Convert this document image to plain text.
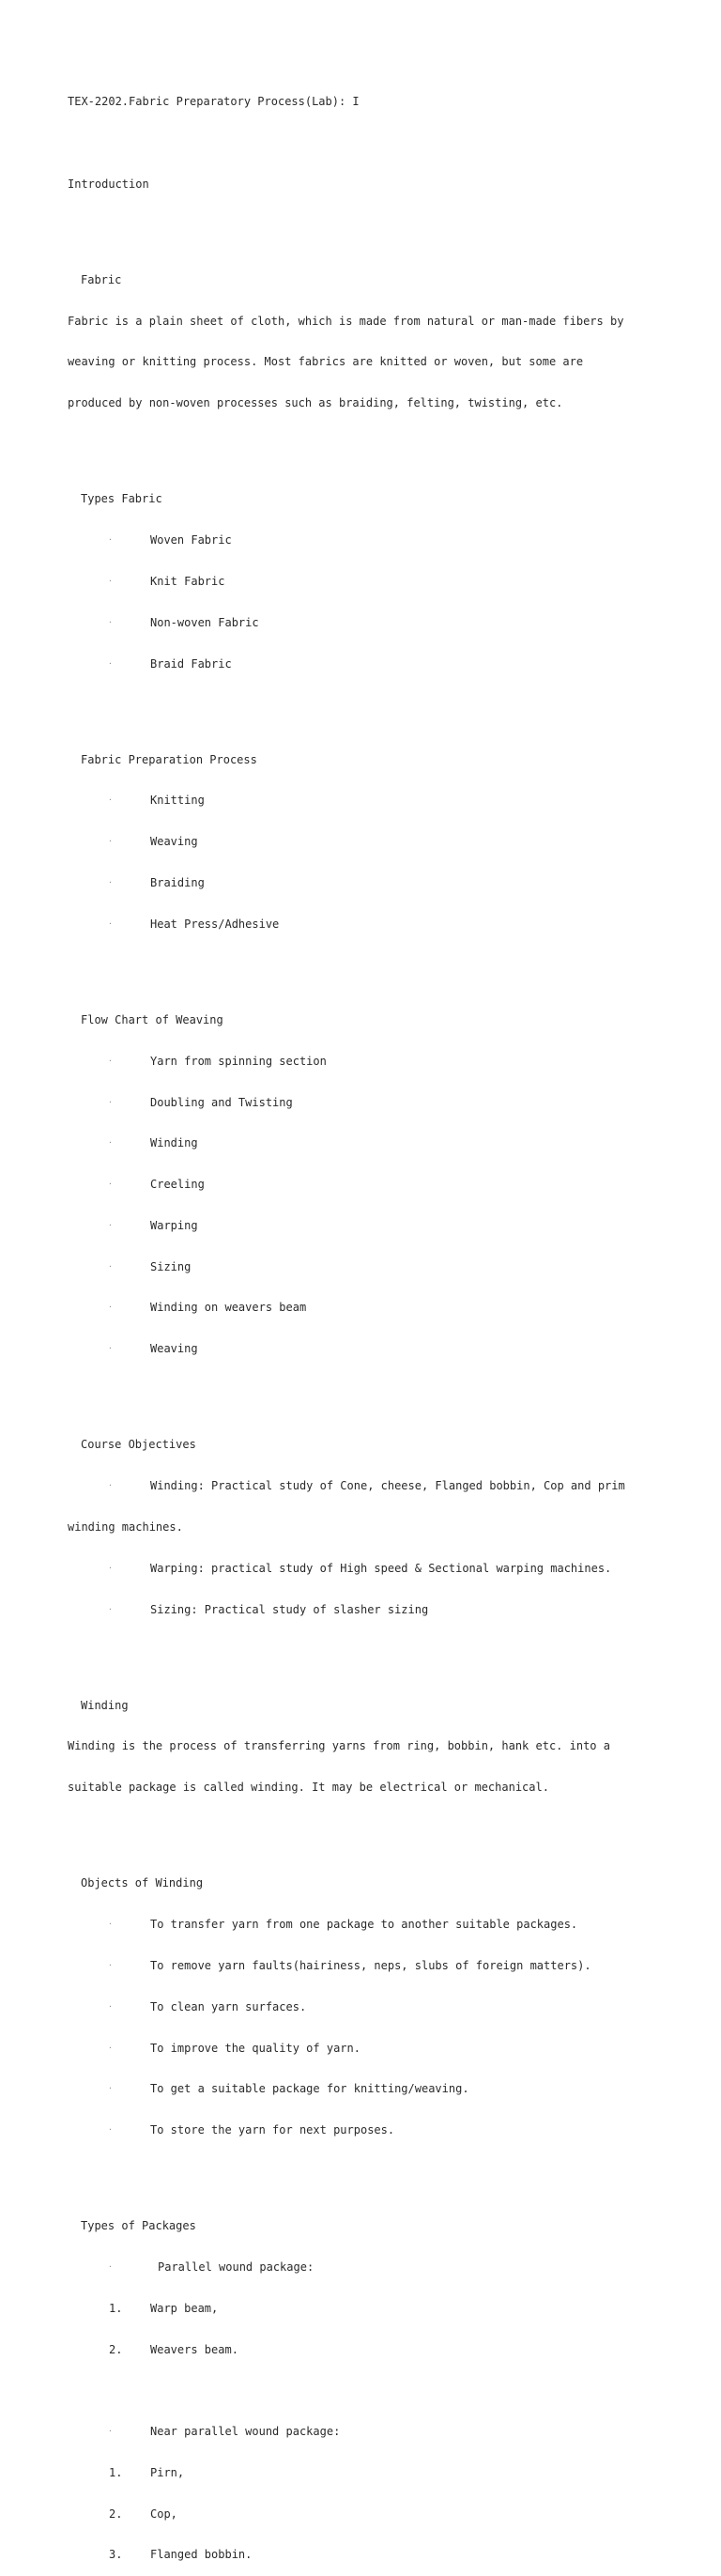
TEX-2202.Fabric Preparatory Process(Lab): I

Introduction

Fabric

Fabric is a plain sheet of cloth, which is made from natural or man-made fibers by

weaving or knitting process. Most fabrics are knitted or woven, but some are

produced by non-woven processes such as braiding, felting, twisting, etc.

Types Fabric

·	Woven Fabric

·	Knit Fabric

·	Non-woven Fabric

·	Braid Fabric

Fabric Preparation Process

·	Knitting

·	Weaving

·	Braiding

·	Heat Press/Adhesive

Flow Chart of Weaving

·	Yarn from spinning section

·	Doubling and Twisting

·	Winding

·	Creeling

·	Warping

·	Sizing

·	Winding on weavers beam

·	Weaving

Course Objectives

·	Winding: Practical study of Cone, cheese, Flanged bobbin, Cop and prim

winding machines.

·	Warping: practical study of High speed & Sectional warping machines.

·	Sizing: Practical study of slasher sizing

Winding

Winding is the process of transferring yarns from ring, bobbin, hank etc. into a

suitable package is called winding. It may be electrical or mechanical.

Objects of Winding

·	To transfer yarn from one package to another suitable packages.

·	To remove yarn faults(hairiness, neps, slubs of foreign matters).

·	To clean yarn surfaces.

·	To improve the quality of yarn.

·	To get a suitable package for knitting/weaving.

·	To store the yarn for next purposes.

Types of Packages

·	Parallel wound package:

1. Warp beam,

2. Weavers beam.

·	Near parallel wound package:

1. Pirn,

2. Cop,

3. Flanged bobbin.
